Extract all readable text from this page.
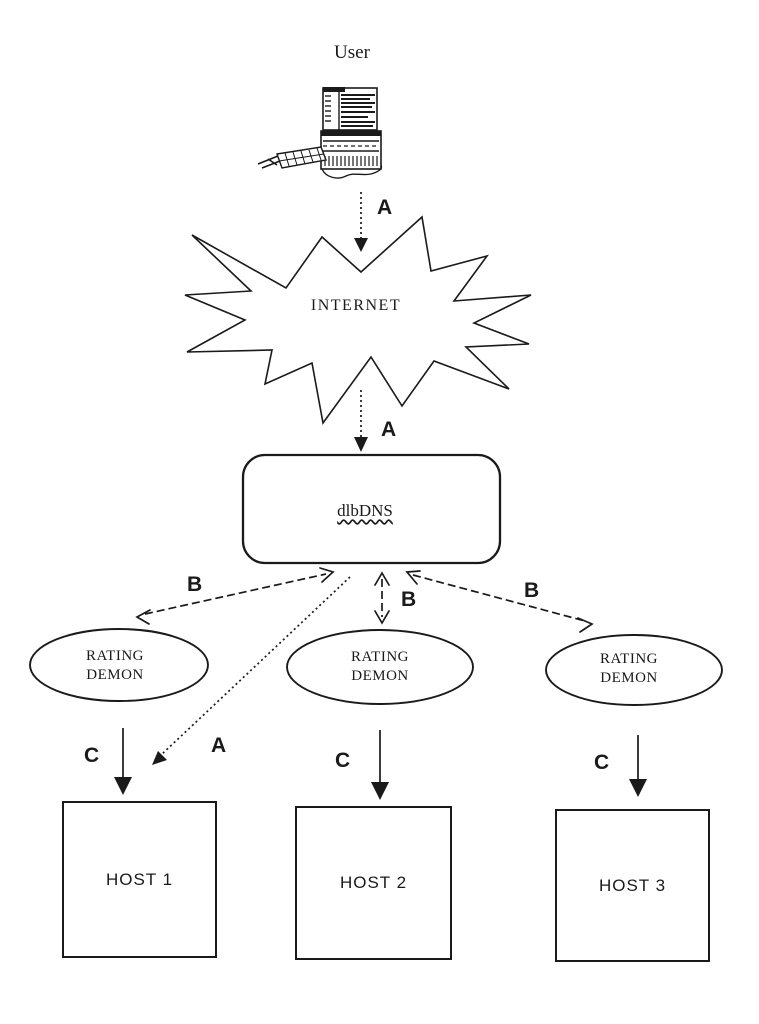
User
INTERNET
dlbDNS
RATING
DEMON
RATING
DEMON
RATING
DEMON
HOST 1	HOST 2	HOST 3
A
A
A
B
B	B
C	C	C
